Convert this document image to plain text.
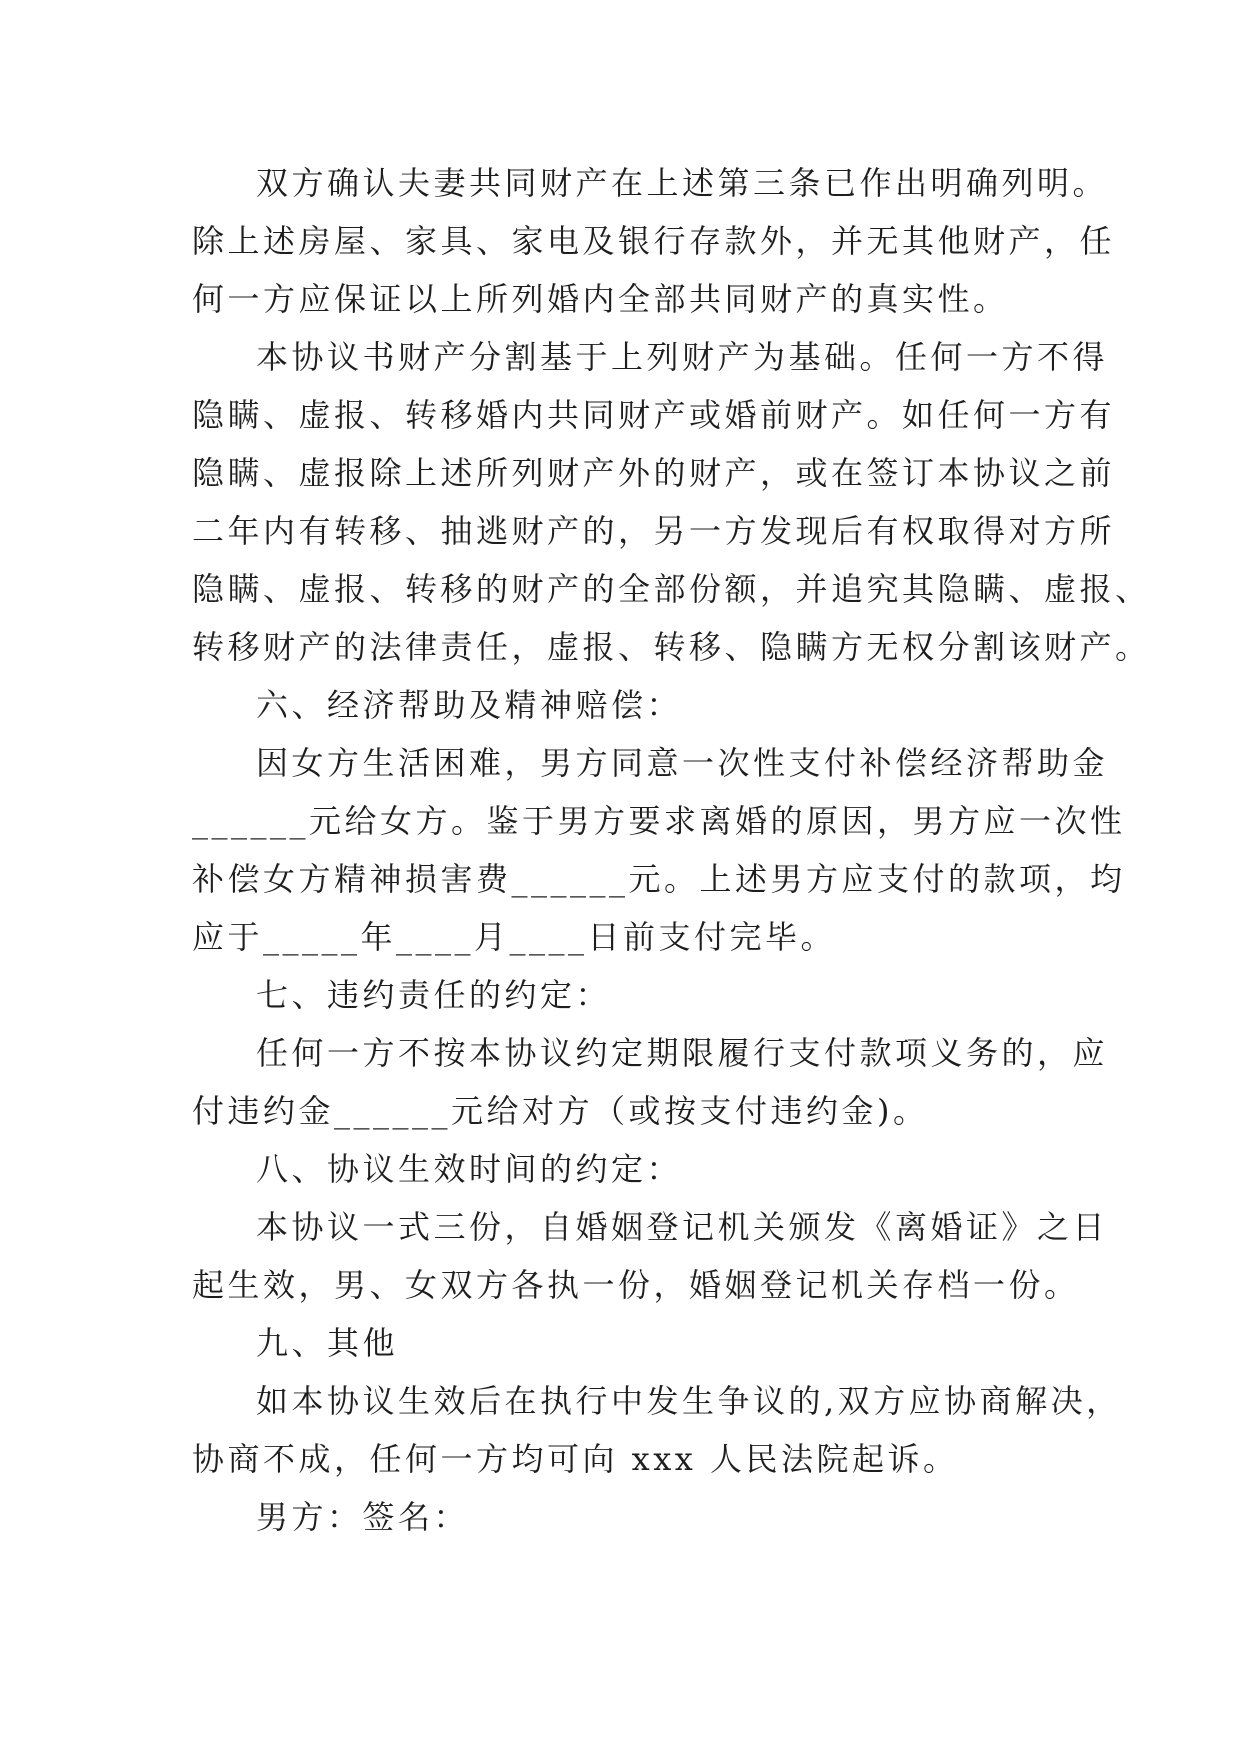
双方确认夫妻共同财产在上述第三条已作出明确列明。
除上述房屋、家具、家电及银行存款外，并无其他财产，任
何一方应保证以上所列婚内全部共同财产的真实性。
本协议书财产分割基于上列财产为基础。任何一方不得
隐瞒、虚报、转移婚内共同财产或婚前财产。如任何一方有
隐瞒、虚报除上述所列财产外的财产，或在签订本协议之前
二年内有转移、抽逃财产的，另一方发现后有权取得对方所
隐瞒、虚报、转移的财产的全部份额，并追究其隐瞒、虚报、
转移财产的法律责任，虚报、转移、隐瞒方无权分割该财产。
六、经济帮助及精神赔偿：
因女方生活困难，男方同意一次性支付补偿经济帮助金
______元给女方。鉴于男方要求离婚的原因，男方应一次性
补偿女方精神损害费______元。上述男方应支付的款项，均
应于_____年____月____日前支付完毕。
七、违约责任的约定：
任何一方不按本协议约定期限履行支付款项义务的，应
付违约金______元给对方（或按支付违约金)。
八、协议生效时间的约定：
本协议一式三份，自婚姻登记机关颁发《离婚证》之日
起生效，男、女双方各执一份，婚姻登记机关存档一份。
九、其他
如本协议生效后在执行中发生争议的,双方应协商解决，
协商不成，任何一方均可向 xxx 人民法院起诉。
男方：签名：
